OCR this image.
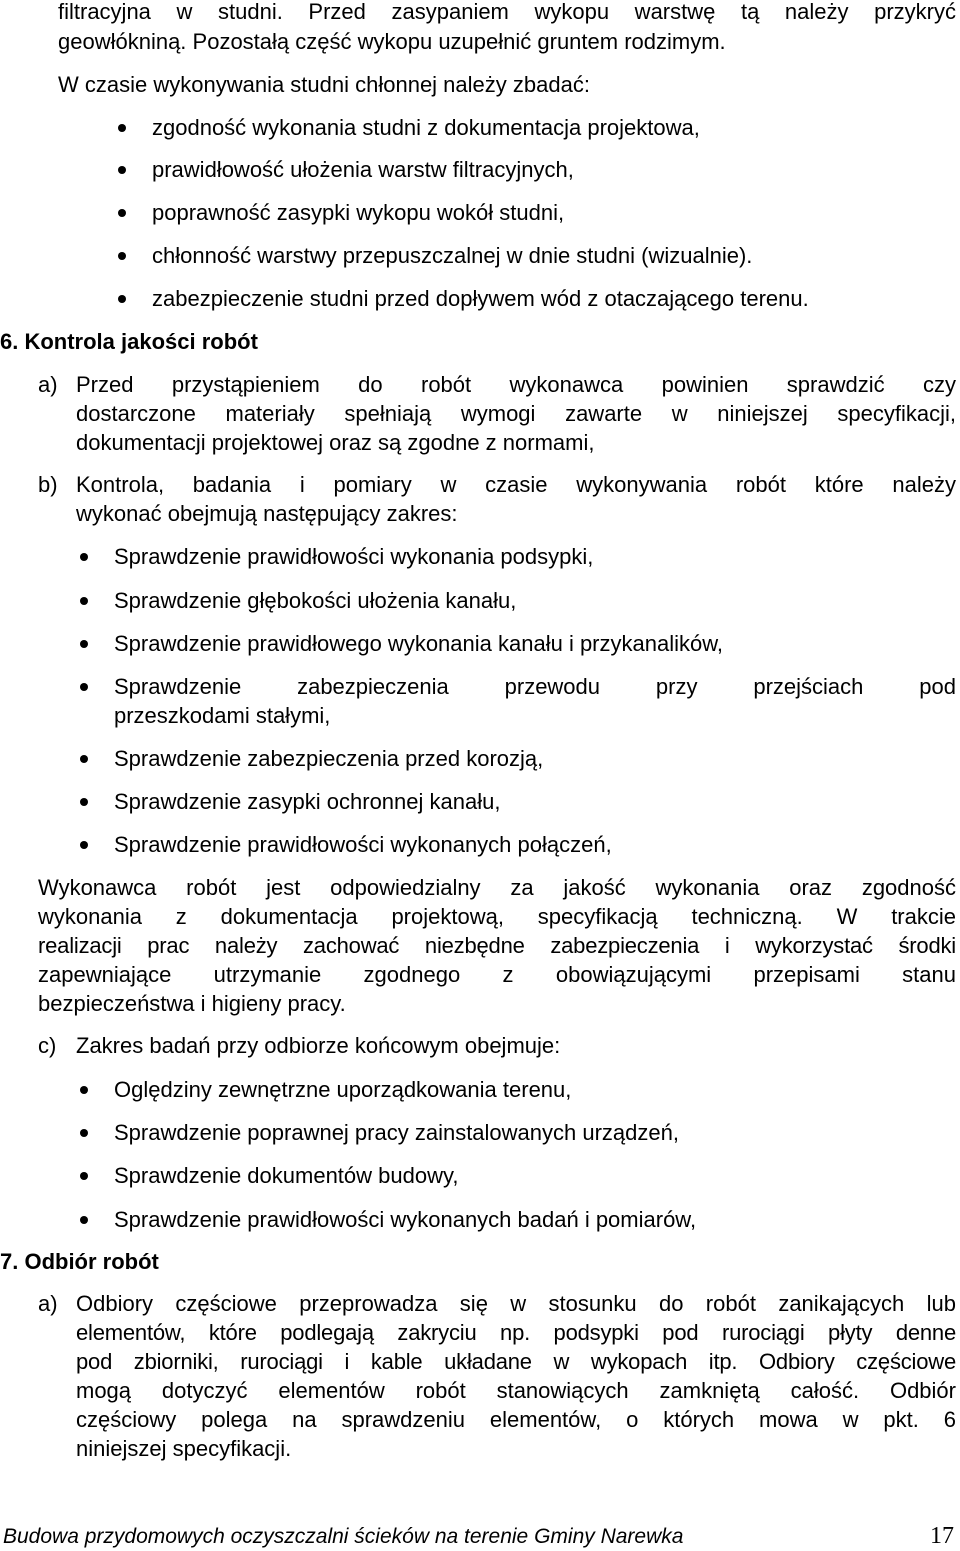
filtracyjna w studni. Przed zasypaniem wykopu warstwę tą należy przykryć

geowłókniną. Pozostałą część wykopu uzupełnić gruntem rodzimym.

W czasie wykonywania studni chłonnej należy zbadać:

zgodność wykonania studni z dokumentacja projektowa,
prawidłowość ułożenia warstw filtracyjnych,
poprawność zasypki wykopu wokół studni,
chłonność warstwy przepuszczalnej w dnie studni (wizualnie).
zabezpieczenie studni przed dopływem wód z otaczającego terenu.

6. Kontrola jakości robót

a) Przed przystąpieniem do robót wykonawca powinien sprawdzić czy

dostarczone materiały spełniają wymogi zawarte w niniejszej specyfikacji,

dokumentacji projektowej oraz są zgodne z normami,

b) Kontrola, badania i pomiary w czasie wykonywania robót które należy

wykonać obejmują następujący zakres:

Sprawdzenie prawidłowości wykonania podsypki,
Sprawdzenie głębokości ułożenia kanału,
Sprawdzenie prawidłowego wykonania kanału i przykanalików,
Sprawdzenie zabezpieczenia przewodu przy przejściach pod
przeszkodami stałymi,
Sprawdzenie zabezpieczenia przed korozją,
Sprawdzenie zasypki ochronnej kanału,
Sprawdzenie prawidłowości wykonanych połączeń,

Wykonawca robót jest odpowiedzialny za jakość wykonania oraz zgodność

wykonania z dokumentacja projektową, specyfikacją techniczną. W trakcie

realizacji prac należy zachować niezbędne zabezpieczenia i wykorzystać środki

zapewniające utrzymanie zgodnego z obowiązującymi przepisami stanu

bezpieczeństwa i higieny pracy.

c) Zakres badań przy odbiorze końcowym obejmuje:

Oględziny zewnętrzne uporządkowania terenu,
Sprawdzenie poprawnej pracy zainstalowanych urządzeń,
Sprawdzenie dokumentów budowy,
Sprawdzenie prawidłowości wykonanych badań i pomiarów,

7. Odbiór robót

a) Odbiory częściowe przeprowadza się w stosunku do robót zanikających lub

elementów, które podlegają zakryciu np. podsypki pod rurociągi płyty denne

pod zbiorniki, rurociągi i kable układane w wykopach itp. Odbiory częściowe

mogą dotyczyć elementów robót stanowiących zamkniętą całość. Odbiór

częściowy polega na sprawdzeniu elementów, o których mowa w pkt. 6

niniejszej specyfikacji.

Budowa przydomowych oczyszczalni ścieków na terenie Gminy Narewka	17
